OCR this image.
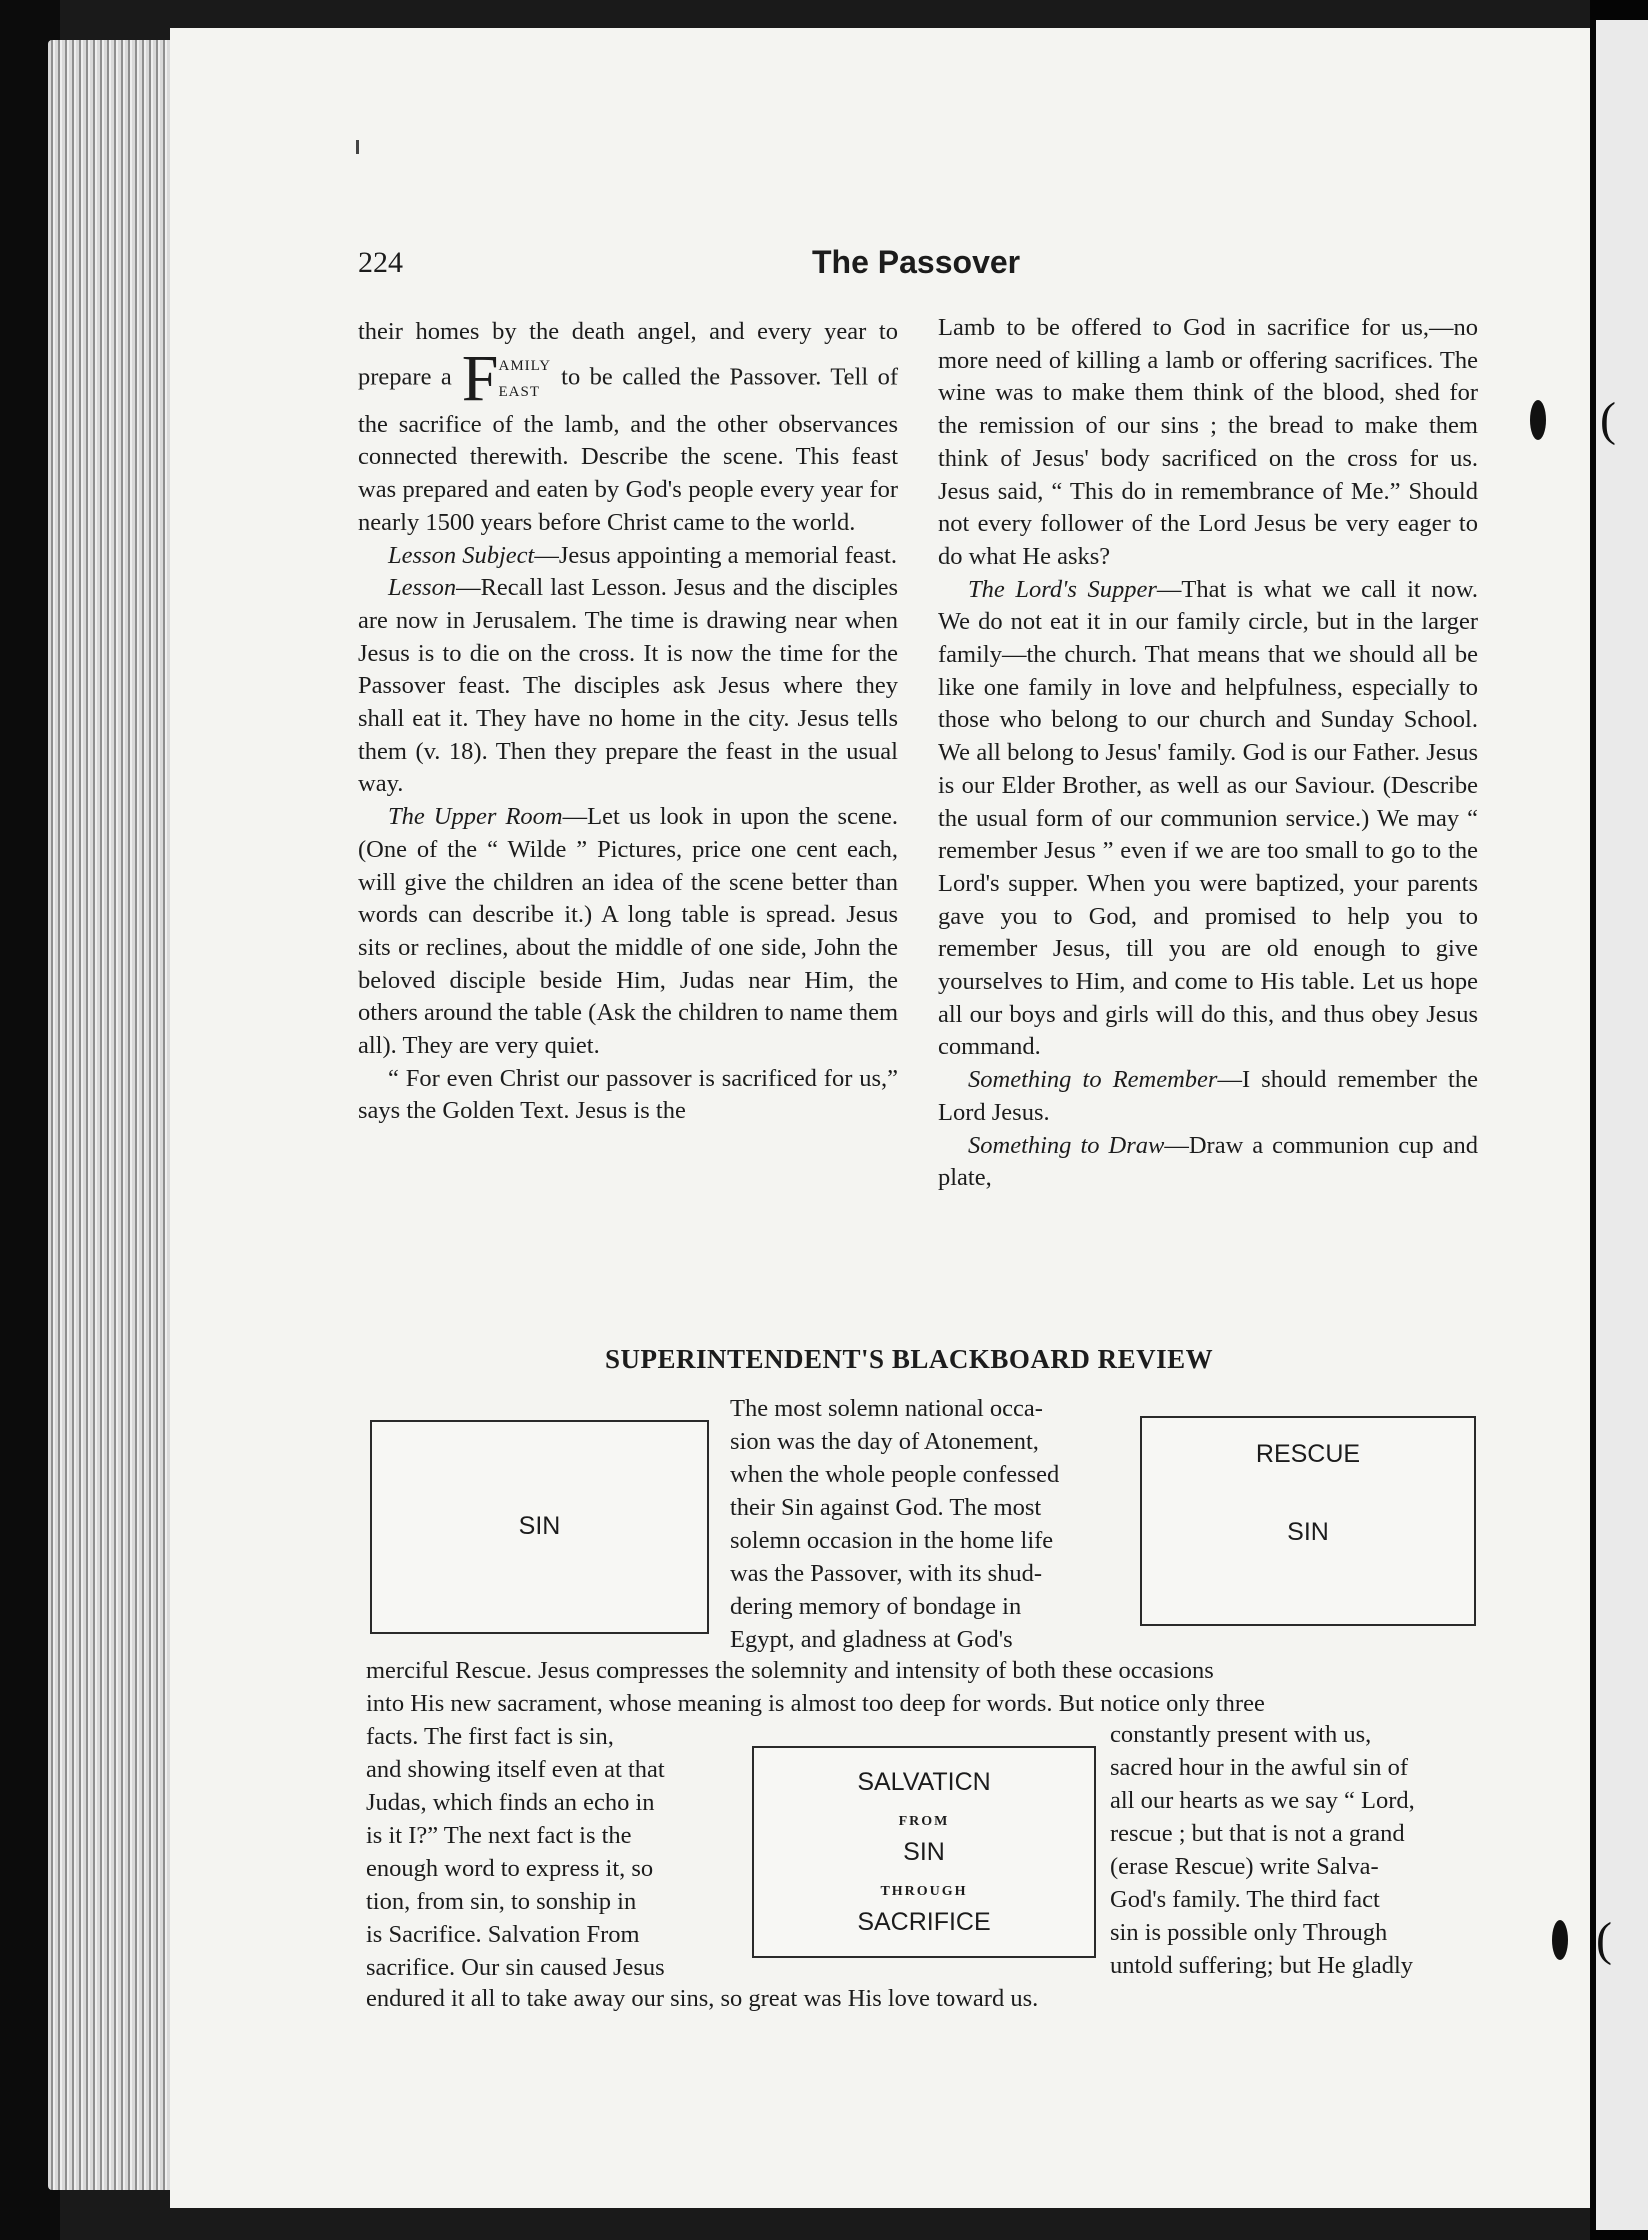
(
(
224	The Passover

their homes by the death angel, and every year to prepare a F AMILY
EAST
to be called the Passover. Tell of the sacrifice of the lamb, and the other observances connected therewith. Describe the scene. This feast was prepared and eaten by God's people every year for nearly 1500 years before Christ came to the world.

Lesson Subject—Jesus appointing a memorial feast.

Lesson—Recall last Lesson. Jesus and the disciples are now in Jerusalem. The time is drawing near when Jesus is to die on the cross. It is now the time for the Passover feast. The disciples ask Jesus where they shall eat it. They have no home in the city. Jesus tells them (v. 18). Then they prepare the feast in the usual way.

The Upper Room—Let us look in upon the scene. (One of the “ Wilde ” Pictures, price one cent each, will give the children an idea of the scene better than words can describe it.) A long table is spread. Jesus sits or reclines, about the middle of one side, John the beloved disciple beside Him, Judas near Him, the others around the table (Ask the children to name them all). They are very quiet.

“ For even Christ our passover is sacrificed for us,” says the Golden Text. Jesus is the

Lamb to be offered to God in sacrifice for us,—no more need of killing a lamb or offering sacrifices. The wine was to make them think of the blood, shed for the remission of our sins ; the bread to make them think of Jesus' body sacrificed on the cross for us. Jesus said, “ This do in remembrance of Me.” Should not every follower of the Lord Jesus be very eager to do what He asks?

The Lord's Supper—That is what we call it now. We do not eat it in our family circle, but in the larger family—the church. That means that we should all be like one family in love and helpfulness, especially to those who belong to our church and Sunday School. We all belong to Jesus' family. God is our Father. Jesus is our Elder Brother, as well as our Saviour. (Describe the usual form of our communion service.) We may “ remember Jesus ” even if we are too small to go to the Lord's supper. When you were baptized, your parents gave you to God, and promised to help you to remember Jesus, till you are old enough to give yourselves to Him, and come to His table. Let us hope all our boys and girls will do this, and thus obey Jesus command.

Something to Remember—I should remember the Lord Jesus.

Something to Draw—Draw a communion cup and plate,

SUPERINTENDENT'S BLACKBOARD REVIEW
SIN
RESCUE
SIN
SALVATICN
FROM
SIN
THROUGH
SACRIFICE
The most solemn national occa-
sion was the day of Atonement,
when the whole people confessed
their Sin against God. The most
solemn occasion in the home life
was the Passover, with its shud-
dering memory of bondage in
Egypt, and gladness at God's
merciful Rescue. Jesus compresses the solemnity and intensity of both these occasions
into His new sacrament, whose meaning is almost too deep for words. But notice only three
facts. The first fact is sin,
and showing itself even at that
Judas, which finds an echo in
is it I?” The next fact is the
enough word to express it, so
tion, from sin, to sonship in
is Sacrifice. Salvation From
sacrifice. Our sin caused Jesus
constantly present with us,
sacred hour in the awful sin of
all our hearts as we say “ Lord,
rescue ; but that is not a grand
(erase Rescue) write Salva-
God's family. The third fact
sin is possible only Through
untold suffering; but He gladly
endured it all to take away our sins, so great was His love toward us.
